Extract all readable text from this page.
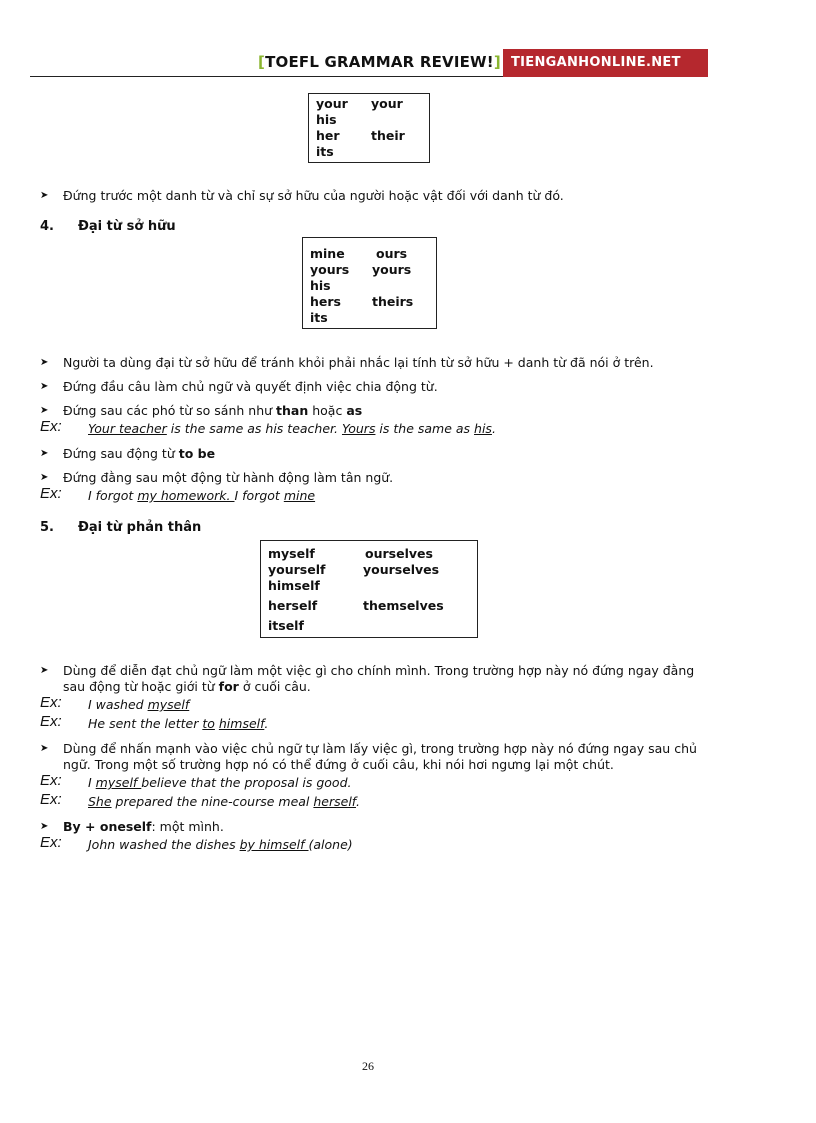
[TOEFL GRAMMAR REVIEW!] TIENGANHONLINE.NET
your your
his
her	their
its
➤ Đứng trước một danh từ và chỉ sự sở hữu của người hoặc vật đối với danh từ đó.
4. Đại từ sở hữu
mine	ours
yours yours
his
hers theirs
its
➤ Người ta dùng đại từ sở hữu để tránh khỏi phải nhắc lại tính từ sở hữu + danh từ đã nói ở trên.
➤ Đứng đầu câu làm chủ ngữ và quyết định việc chia động từ.
➤ Đứng sau các phó từ so sánh như than hoặc as
Ex: Your teacher is the same as his teacher. Yours is the same as his.
➤ Đứng sau động từ to be
➤ Đứng đằng sau một động từ hành động làm tân ngữ.
Ex: I forgot my homework. I forgot mine
5. Đại từ phản thân
myself	ourselves
yourself	yourselves
himself
herself	themselves
itself
➤ Dùng để diễn đạt chủ ngữ làm một việc gì cho chính mình. Trong trường hợp này nó đứng ngay đằng
sau động từ hoặc giới từ for ở cuối câu.
Ex: I washed myself
Ex: He sent the letter to himself.
➤ Dùng để nhấn mạnh vào việc chủ ngữ tự làm lấy việc gì, trong trường hợp này nó đứng ngay sau chủ
ngữ. Trong một số trường hợp nó có thể đứng ở cuối câu, khi nói hơi ngưng lại một chút.
Ex: I myself believe that the proposal is good.
Ex: She prepared the nine-course meal herself.
➤ By + oneself: một mình.
Ex: John washed the dishes by himself (alone)
26
